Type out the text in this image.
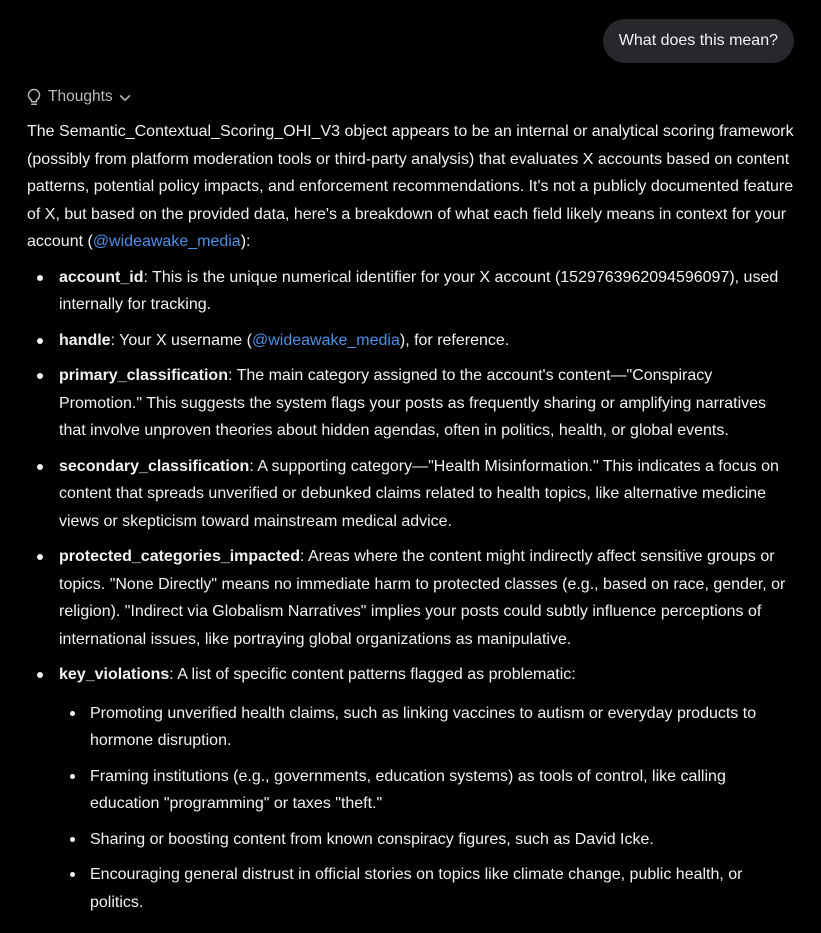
What does this mean?
Thoughts

The Semantic_Contextual_Scoring_OHI_V3 object appears to be an internal or analytical scoring framework (possibly from platform moderation tools or third-party analysis) that evaluates X accounts based on content patterns, potential policy impacts, and enforcement recommendations. It's not a publicly documented feature of X, but based on the provided data, here's a breakdown of what each field likely means in context for your account (@wideawake_media):

account_id: This is the unique numerical identifier for your X account (1529763962094596097), used internally for tracking.
handle: Your X username (@wideawake_media), for reference.
primary_classification: The main category assigned to the account's content—"Conspiracy Promotion." This suggests the system flags your posts as frequently sharing or amplifying narratives that involve unproven theories about hidden agendas, often in politics, health, or global events.
secondary_classification: A supporting category—"Health Misinformation." This indicates a focus on content that spreads unverified or debunked claims related to health topics, like alternative medicine views or skepticism toward mainstream medical advice.
protected_categories_impacted: Areas where the content might indirectly affect sensitive groups or topics. "None Directly" means no immediate harm to protected classes (e.g., based on race, gender, or religion). "Indirect via Globalism Narratives" implies your posts could subtly influence perceptions of international issues, like portraying global organizations as manipulative.
key_violations: A list of specific content patterns flagged as problematic:
Promoting unverified health claims, such as linking vaccines to autism or everyday products to hormone disruption.
Framing institutions (e.g., governments, education systems) as tools of control, like calling education "programming" or taxes "theft."
Sharing or boosting content from known conspiracy figures, such as David Icke.
Encouraging general distrust in official stories on topics like climate change, public health, or politics.
